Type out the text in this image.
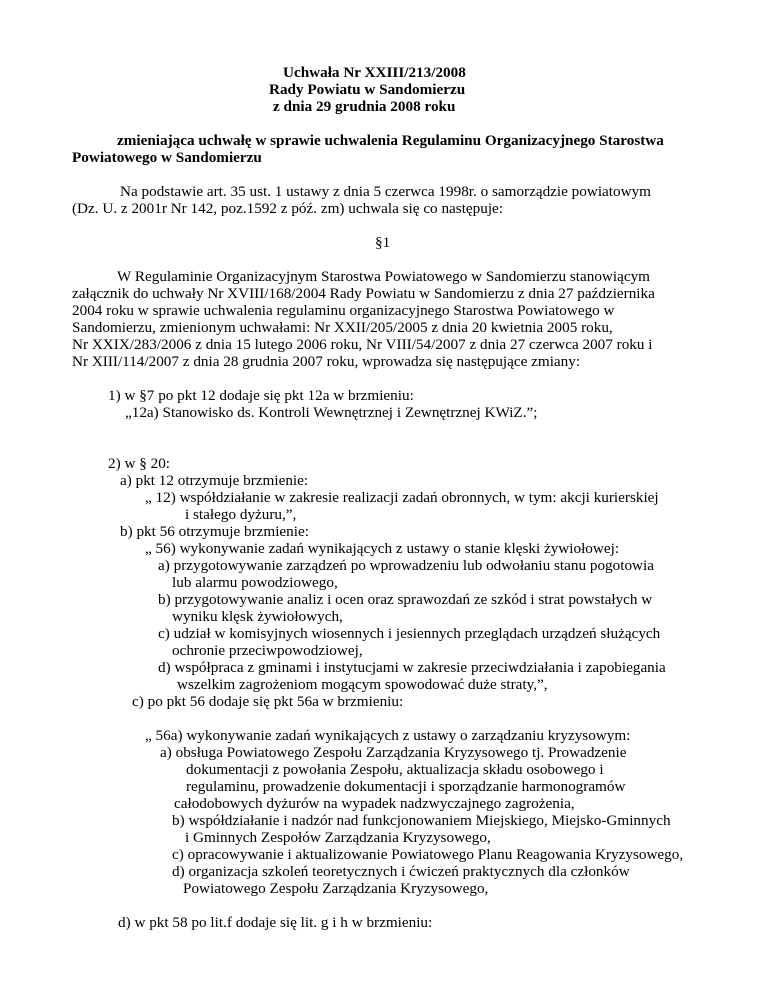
Uchwała Nr XXIII/213/2008
Rady Powiatu w Sandomierzu
z dnia 29 grudnia 2008 roku
zmieniająca uchwałę w sprawie uchwalenia Regulaminu Organizacyjnego Starostwa
Powiatowego w Sandomierzu
Na podstawie art. 35 ust. 1 ustawy z dnia 5 czerwca 1998r. o samorządzie powiatowym
(Dz. U. z 2001r Nr 142, poz.1592 z póź. zm) uchwala się co następuje:
§1
W Regulaminie Organizacyjnym Starostwa Powiatowego w Sandomierzu stanowiącym
załącznik do uchwały Nr XVIII/168/2004 Rady Powiatu w Sandomierzu z dnia 27 października
2004 roku w sprawie uchwalenia regulaminu organizacyjnego Starostwa Powiatowego w
Sandomierzu, zmienionym uchwałami: Nr XXII/205/2005 z dnia 20 kwietnia 2005 roku,
Nr XXIX/283/2006 z dnia 15 lutego 2006 roku, Nr VIII/54/2007 z dnia 27 czerwca 2007 roku i
Nr XIII/114/2007 z dnia 28 grudnia 2007 roku, wprowadza się następujące zmiany:
1) w §7 po pkt 12 dodaje się pkt 12a w brzmieniu:
„12a) Stanowisko ds. Kontroli Wewnętrznej i Zewnętrznej KWiZ.”;
2) w § 20:
a) pkt 12 otrzymuje brzmienie:
„ 12) współdziałanie w zakresie realizacji zadań obronnych, w tym: akcji kurierskiej
i stałego dyżuru,”,
b) pkt 56 otrzymuje brzmienie:
„ 56) wykonywanie zadań wynikających z ustawy o stanie klęski żywiołowej:
a) przygotowywanie zarządzeń po wprowadzeniu lub odwołaniu stanu pogotowia
lub alarmu powodziowego,
b) przygotowywanie analiz i ocen oraz sprawozdań ze szkód i strat powstałych w
wyniku klęsk żywiołowych,
c) udział w komisyjnych wiosennych i jesiennych przeglądach urządzeń służących
ochronie przeciwpowodziowej,
d) współpraca z gminami i instytucjami w zakresie przeciwdziałania i zapobiegania
wszelkim zagrożeniom mogącym spowodować duże straty,”,
c) po pkt 56 dodaje się pkt 56a w brzmieniu:
„ 56a) wykonywanie zadań wynikających z ustawy o zarządzaniu kryzysowym:
a) obsługa Powiatowego Zespołu Zarządzania Kryzysowego tj. Prowadzenie
dokumentacji z powołania Zespołu, aktualizacja składu osobowego i
regulaminu, prowadzenie dokumentacji i sporządzanie harmonogramów
całodobowych dyżurów na wypadek nadzwyczajnego zagrożenia,
b) współdziałanie i nadzór nad funkcjonowaniem Miejskiego, Miejsko-Gminnych
i Gminnych Zespołów Zarządzania Kryzysowego,
c) opracowywanie i aktualizowanie Powiatowego Planu Reagowania Kryzysowego,
d) organizacja szkoleń teoretycznych i ćwiczeń praktycznych dla członków
Powiatowego Zespołu Zarządzania Kryzysowego,
d) w pkt 58 po lit.f dodaje się lit. g i h w brzmieniu:
